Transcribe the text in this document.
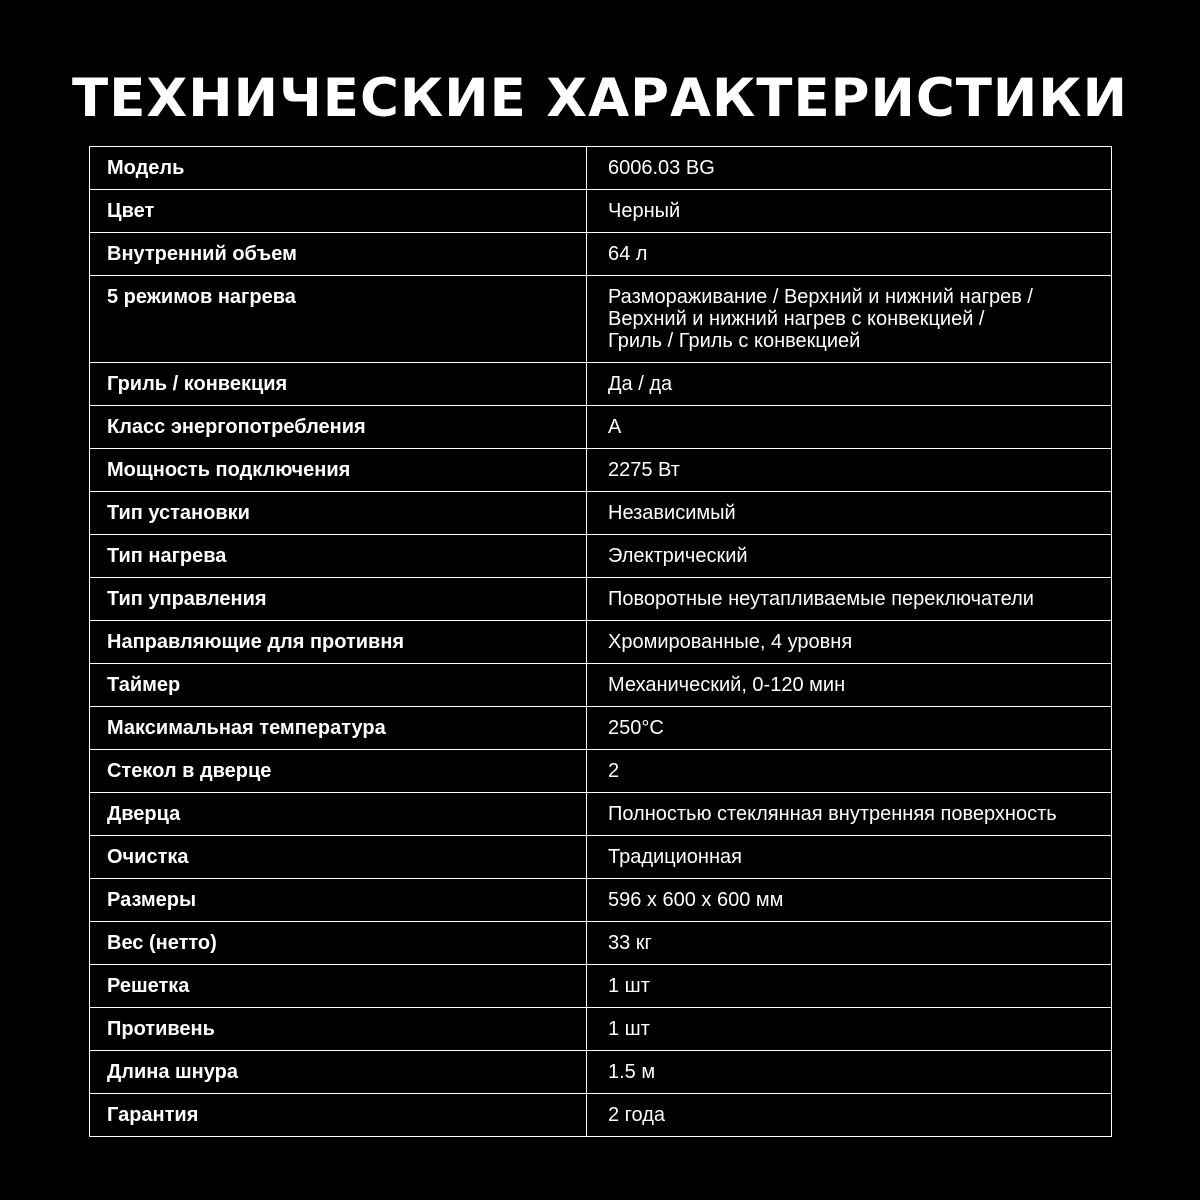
ТЕХНИЧЕСКИЕ ХАРАКТЕРИСТИКИ
Модель	6006.03 BG
Цвет	Черный
Внутренний объем	64 л
5 режимов нагрева	Размораживание / Верхний и нижний нагрев /
Верхний и нижний нагрев с конвекцией /
Гриль / Гриль с конвекцией
Гриль / конвекция	Да / да
Класс энергопотребления	A
Мощность подключения	2275 Вт
Тип установки	Независимый
Тип нагрева	Электрический
Тип управления	Поворотные неутапливаемые переключатели
Направляющие для противня	Хромированные, 4 уровня
Таймер	Механический, 0-120 мин
Максимальная температура	250°С
Стекол в дверце	2
Дверца	Полностью стеклянная внутренняя поверхность
Очистка	Традиционная
Размеры	596 х 600 х 600 мм
Вес (нетто)	33 кг
Решетка	1 шт
Противень	1 шт
Длина шнура	1.5 м
Гарантия	2 года
